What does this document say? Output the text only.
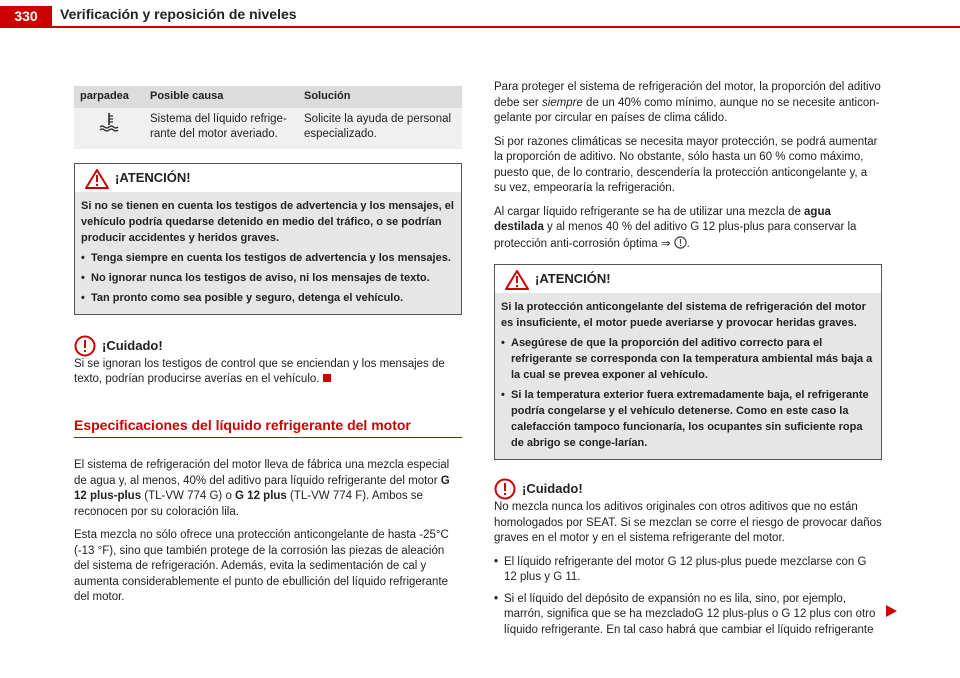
330	Verificación y reposición de niveles
parpadea	Posible causa	Solución
	Sistema del líquido refrige-rante del motor averiado.	Solicite la ayuda de personal especializado.
¡ATENCIÓN!

Si no se tienen en cuenta los testigos de advertencia y los mensajes, el vehículo podría quedarse detenido en medio del tráfico, o se podrían producir accidentes y heridos graves.

• Tenga siempre en cuenta los testigos de advertencia y los mensajes.
• No ignorar nunca los testigos de aviso, ni los mensajes de texto.
• Tan pronto como sea posible y seguro, detenga el vehículo.
¡Cuidado!

Si se ignoran los testigos de control que se enciendan y los mensajes de texto, podrían producirse averías en el vehículo.

Especificaciones del líquido refrigerante del motor

El sistema de refrigeración del motor lleva de fábrica una mezcla especial de agua y, al menos, 40% del aditivo para líquido refrigerante del motor G 12 plus-plus (TL-VW 774 G) o G 12 plus (TL-VW 774 F). Ambos se reconocen por su coloración lila.

Esta mezcla no sólo ofrece una protección anticongelante de hasta -25°C (-13 °F), sino que también protege de la corrosión las piezas de aleación del sistema de refrigeración. Además, evita la sedimentación de cal y aumenta considerablemente el punto de ebullición del líquido refrigerante del motor.

Para proteger el sistema de refrigeración del motor, la proporción del aditivo debe ser siempre de un 40% como mínimo, aunque no se necesite anticon-gelante por circular en países de clima cálido.

Si por razones climáticas se necesita mayor protección, se podrá aumentar la proporción de aditivo. No obstante, sólo hasta un 60 % como máximo, puesto que, de lo contrario, descendería la protección anticongelante y, a su vez, empeoraría la refrigeración.

Al cargar líquido refrigerante se ha de utilizar una mezcla de agua destilada y al menos 40 % del aditivo G 12 plus-plus para conservar la protección anti-corrosión óptima ⇒ .

¡ATENCIÓN!

Si la protección anticongelante del sistema de refrigeración del motor es insuficiente, el motor puede averiarse y provocar heridas graves.

• Asegúrese de que la proporción del aditivo correcto para el refrigerante se corresponda con la temperatura ambiental más baja a la cual se prevea exponer al vehículo.
• Si la temperatura exterior fuera extremadamente baja, el refrigerante podría congelarse y el vehículo detenerse. Como en este caso la calefacción tampoco funcionaría, los ocupantes sin suficiente ropa de abrigo se conge-larían.
¡Cuidado!

No mezcla nunca los aditivos originales con otros aditivos que no están homologados por SEAT. Si se mezclan se corre el riesgo de provocar daños graves en el motor y en el sistema refrigerante del motor.

• El líquido refrigerante del motor G 12 plus-plus puede mezclarse con G 12 plus y G 11.
• Si el líquido del depósito de expansión no es lila, sino, por ejemplo, marrón, significa que se ha mezcladoG 12 plus-plus o G 12 plus con otro líquido refrigerante. En tal caso habrá que cambiar el líquido refrigerante
